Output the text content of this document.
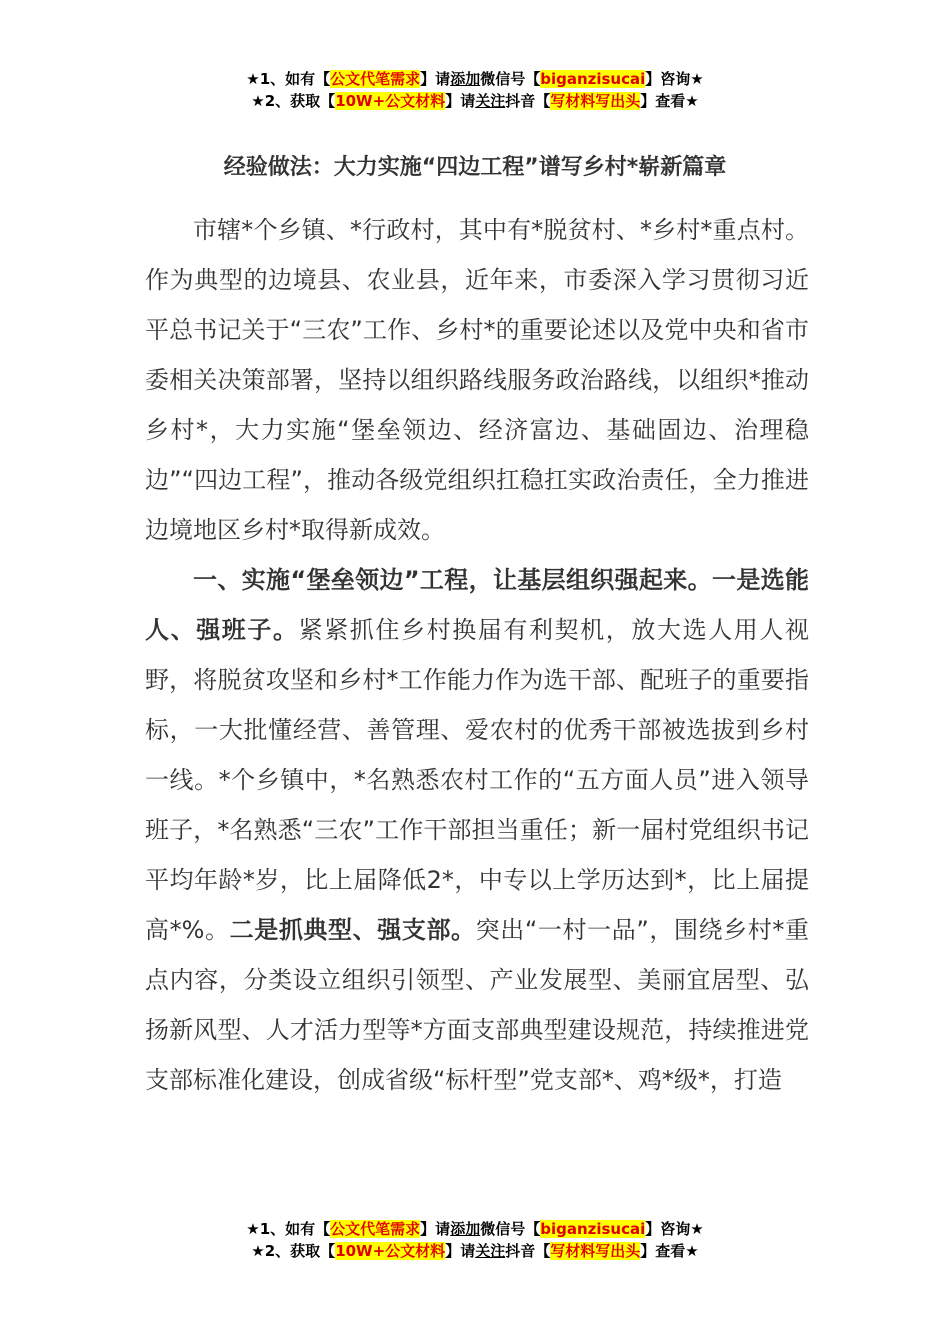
★1、如有【公文代笔需求】请添加微信号【biganzisucai】咨询★
★2、获取【10W+公文材料】请关注抖音【写材料写出头】查看★
经验做法：大力实施“四边工程”谱写乡村*崭新篇章

市辖*个乡镇、*行政村，其中有*脱贫村、*乡村*重点村。作为典型的边境县、农业县，近年来，市委深入学习贯彻习近平总书记关于“三农”工作、乡村*的重要论述以及党中央和省市委相关决策部署，坚持以组织路线服务政治路线，以组织*推动乡村*，大力实施“堡垒领边、经济富边、基础固边、治理稳边”“四边工程”，推动各级党组织扛稳扛实政治责任，全力推进边境地区乡村*取得新成效。

一、实施“堡垒领边”工程，让基层组织强起来。一是选能人、强班子。紧紧抓住乡村换届有利契机，放大选人用人视野，将脱贫攻坚和乡村*工作能力作为选干部、配班子的重要指标，一大批懂经营、善管理、爱农村的优秀干部被选拔到乡村一线。*个乡镇中，*名熟悉农村工作的“五方面人员”进入领导班子，*名熟悉“三农”工作干部担当重任；新一届村党组织书记平均年龄*岁，比上届降低2*，中专以上学历达到*，比上届提高*%。二是抓典型、强支部。突出“一村一品”，围绕乡村*重点内容，分类设立组织引领型、产业发展型、美丽宜居型、弘扬新风型、人才活力型等*方面支部典型建设规范，持续推进党支部标准化建设，创成省级“标杆型”党支部*、鸡*级*，打造

★1、如有【公文代笔需求】请添加微信号【biganzisucai】咨询★
★2、获取【10W+公文材料】请关注抖音【写材料写出头】查看★
